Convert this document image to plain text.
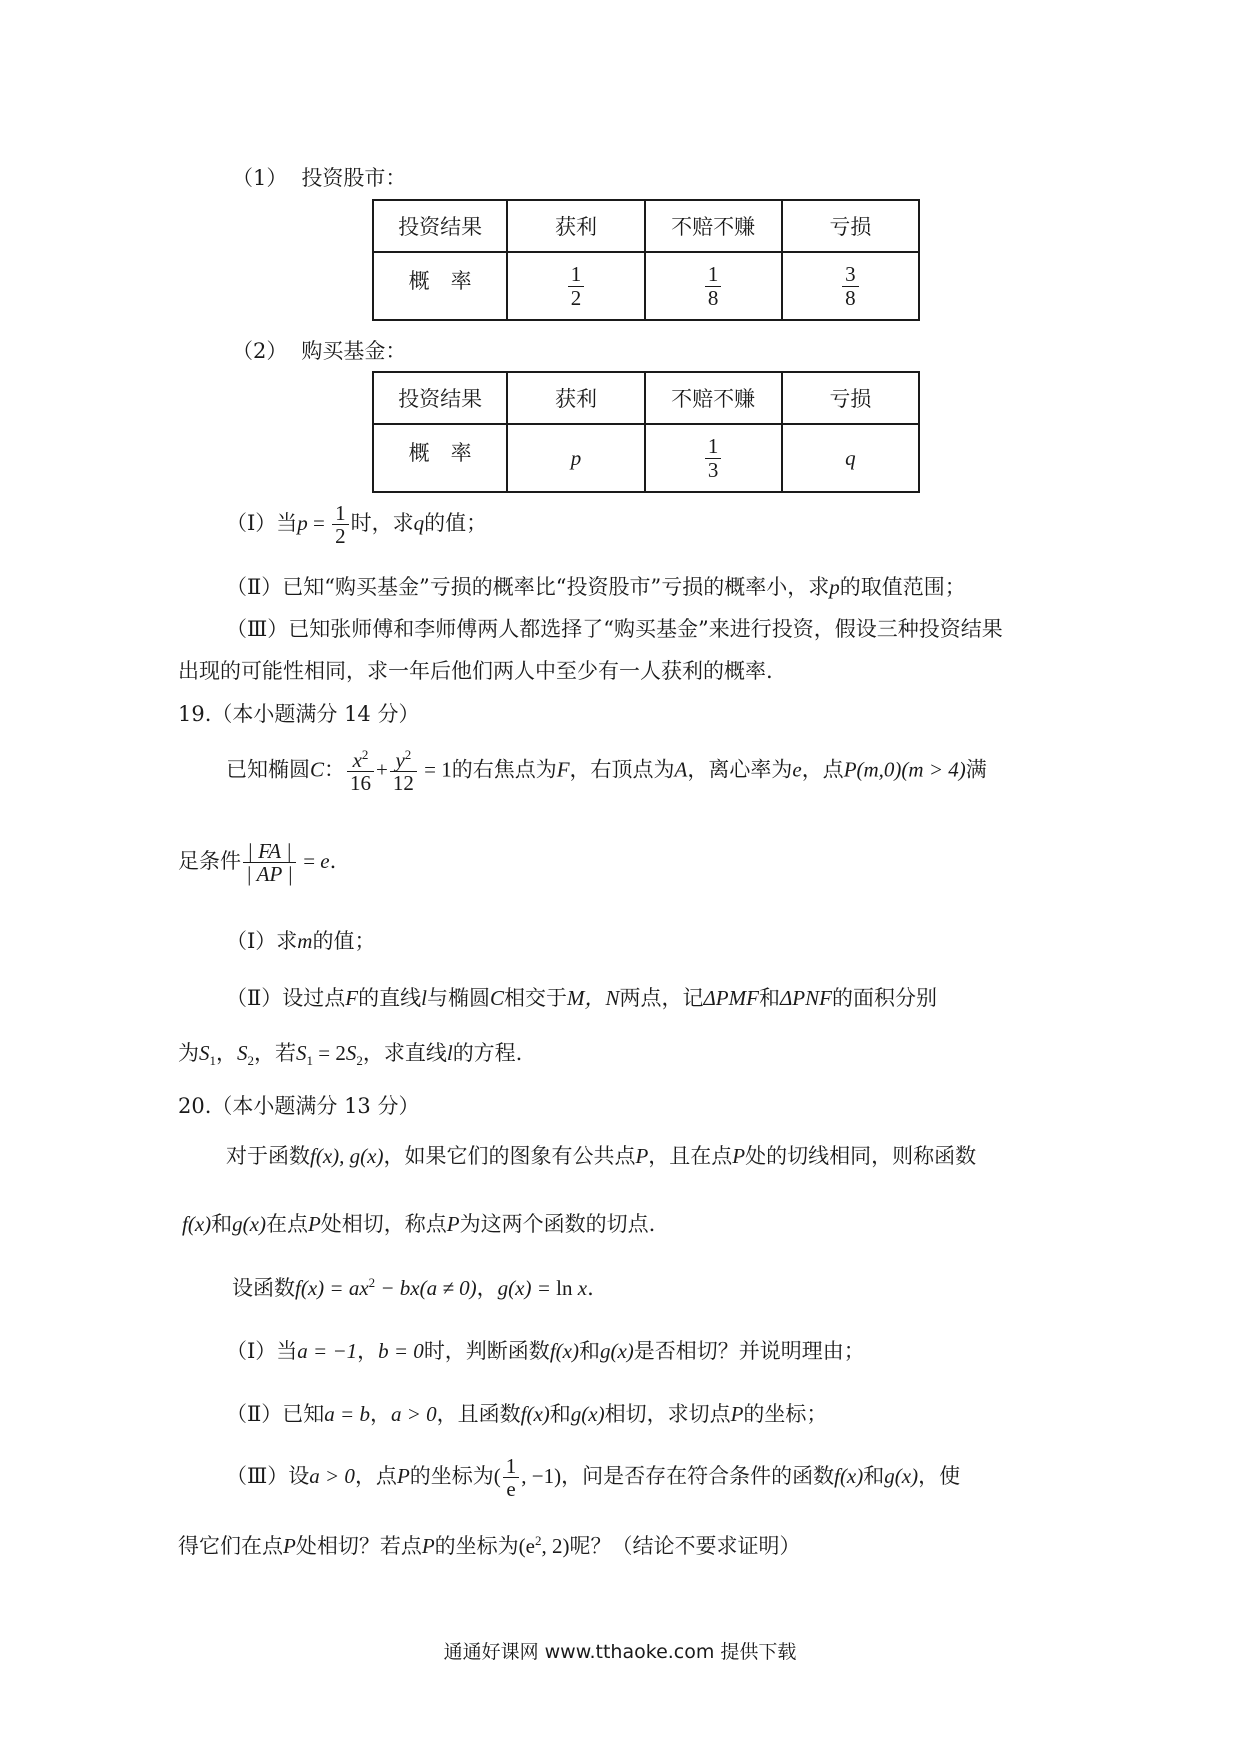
（1） 投资股市：
投资结果	获利	不赔不赚	亏损
概　率	$\frac{1}{2}$	$\frac{1}{8}$	$\frac{3}{8}$
（2） 购买基金：
投资结果	获利	不赔不赚	亏损
概　率	p	$\frac{1}{3}$	q
（Ⅰ）当$p = \frac{1}{2}$ 时，求q的值；
（Ⅱ）已知“购买基金”亏损的概率比“投资股市”亏损的概率小，求p的取值范围；
（Ⅲ）已知张师傅和李师傅两人都选择了“购买基金”来进行投资，假设三种投资结果
出现的可能性相同，求一年后他们两人中至少有一人获利的概率.
19.（本小题满分 14 分）
已知椭圆C： $\frac{x^2}{16} + \frac{y^2}{12} = 1$的右焦点为F，右顶点为A，离心率为e，点P(m,0)(m > 4)满
足条件 $\frac{| FA |}{| AP |} = e$.
（Ⅰ）求m的值；
（Ⅱ）设过点F的直线l与椭圆C相交于M，N两点，记ΔPMF和ΔPNF的面积分别
为$S_1$，$S_2$，若$S_1 = 2S_2$，求直线l的方程.
20.（本小题满分 13 分）
对于函数f(x), g(x)，如果它们的图象有公共点P，且在点P处的切线相同，则称函数
f(x)和g(x)在点P处相切，称点P为这两个函数的切点.
设函数$f(x) = ax^2 - bx(a \ne 0)$，g(x) = ln x.
（Ⅰ）当a = −1，b = 0时，判断函数f(x)和g(x)是否相切？并说明理由；
（Ⅱ）已知a = b，a > 0，且函数f(x)和g(x)相切，求切点P的坐标；
（Ⅲ）设a > 0，点P的坐标为( $\frac{1}{e}$ , −1)，问是否存在符合条件的函数f(x)和g(x)，使
得它们在点P处相切？若点P的坐标为($e^2$, 2)呢？（结论不要求证明）
通通好课网 www.tthaoke.com 提供下载
